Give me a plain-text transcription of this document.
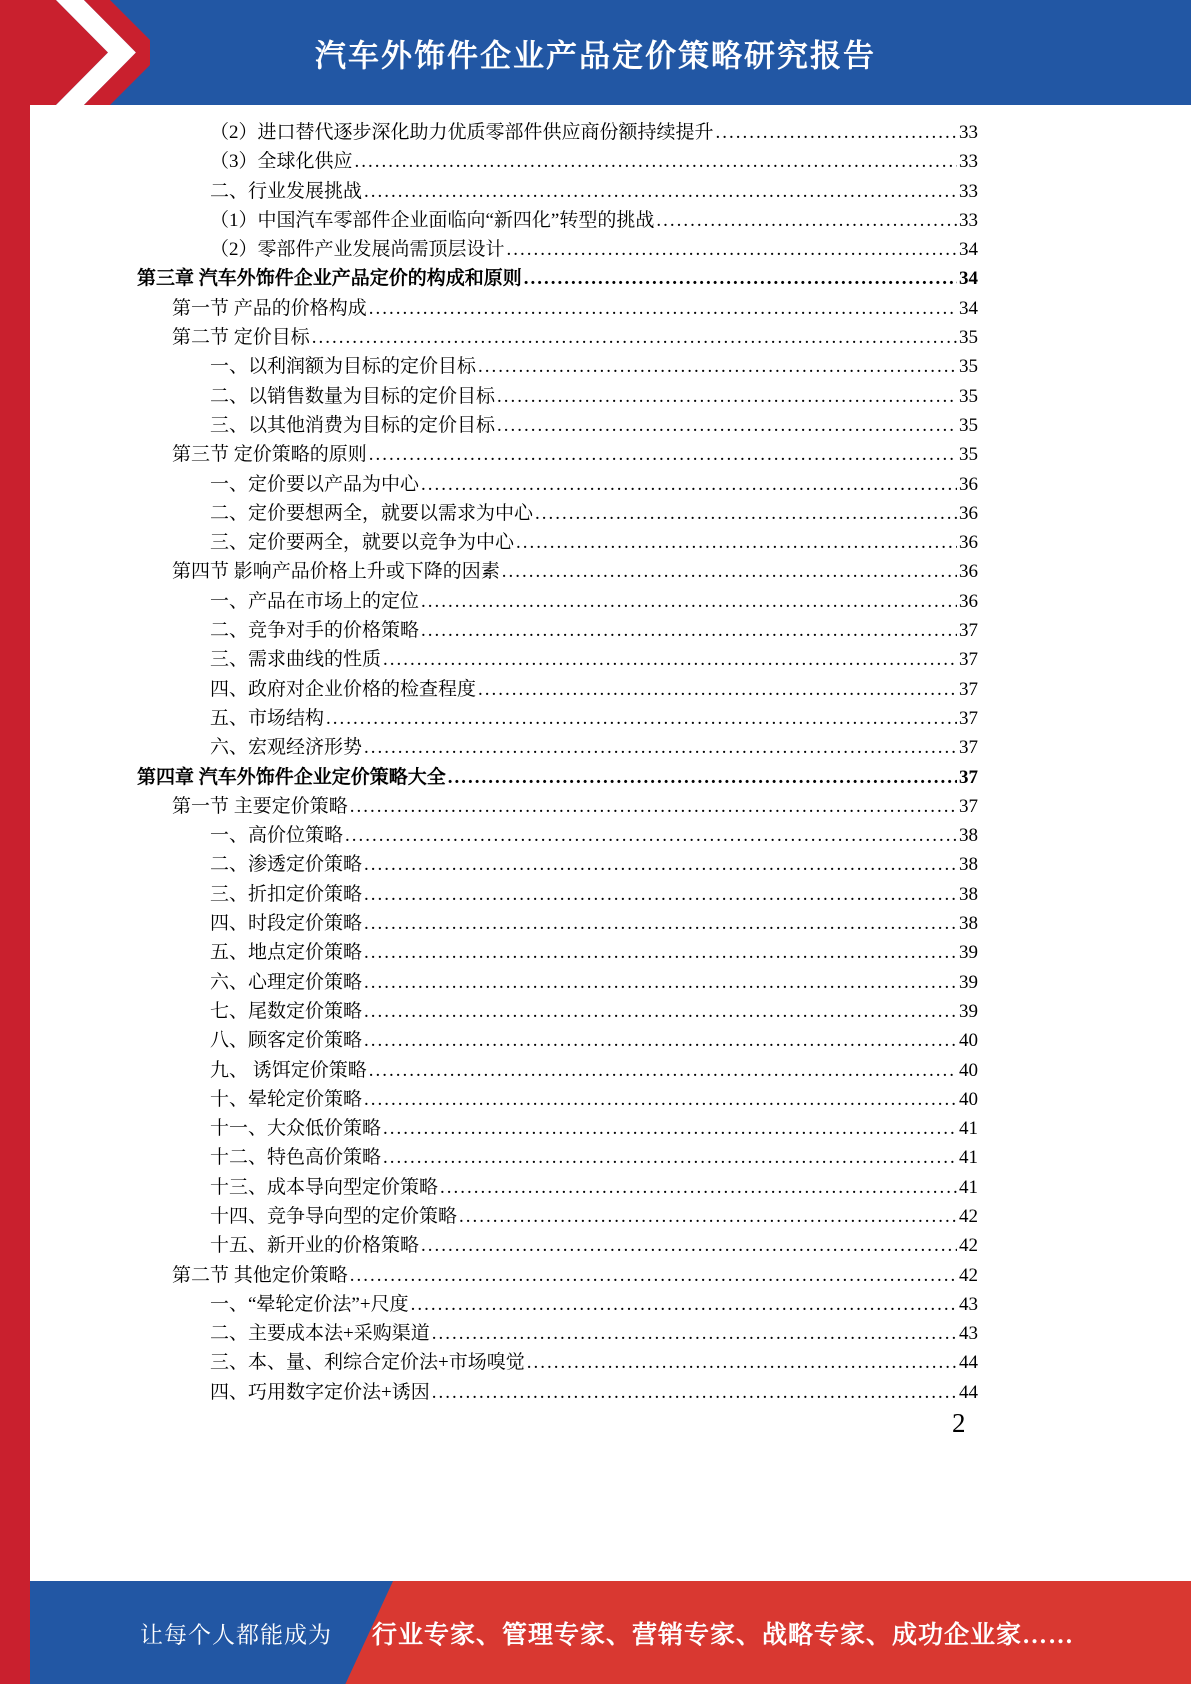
汽车外饰件企业产品定价策略研究报告
（2）进口替代逐步深化助力优质零部件供应商份额持续提升 .....	33
（3）全球化供应 .....	33
二、行业发展挑战 .....	33
（1）中国汽车零部件企业面临向“新四化”转型的挑战 .....	33
（2）零部件产业发展尚需顶层设计 .....	34
第三章 汽车外饰件企业产品定价的构成和原则 .....	34
第一节 产品的价格构成 .....	34
第二节 定价目标 .....	35
一、以利润额为目标的定价目标 .....	35
二、以销售数量为目标的定价目标 .....	35
三、以其他消费为目标的定价目标 .....	35
第三节 定价策略的原则 .....	35
一、定价要以产品为中心 .....	36
二、定价要想两全，就要以需求为中心 .....	36
三、定价要两全，就要以竞争为中心 .....	36
第四节 影响产品价格上升或下降的因素 .....	36
一、产品在市场上的定位 .....	36
二、竞争对手的价格策略 .....	37
三、需求曲线的性质 .....	37
四、政府对企业价格的检查程度 .....	37
五、市场结构 .....	37
六、宏观经济形势 .....	37
第四章 汽车外饰件企业定价策略大全 .....	37
第一节 主要定价策略 .....	37
一、高价位策略 .....	38
二、渗透定价策略 .....	38
三、折扣定价策略 .....	38
四、时段定价策略 .....	38
五、地点定价策略 .....	39
六、心理定价策略 .....	39
七、尾数定价策略 .....	39
八、顾客定价策略 .....	40
九、 诱饵定价策略 .....	40
十、晕轮定价策略 .....	40
十一、大众低价策略 .....	41
十二、特色高价策略 .....	41
十三、成本导向型定价策略 .....	41
十四、竞争导向型的定价策略 .....	42
十五、新开业的价格策略 .....	42
第二节 其他定价策略 .....	42
一、“晕轮定价法”+尺度 .....	43
二、主要成本法+采购渠道 .....	43
三、本、量、利综合定价法+市场嗅觉 .....	44
四、巧用数字定价法+诱因 .....	44
2
让每个人都能成为 行业专家、管理专家、营销专家、战略专家、成功企业家……
